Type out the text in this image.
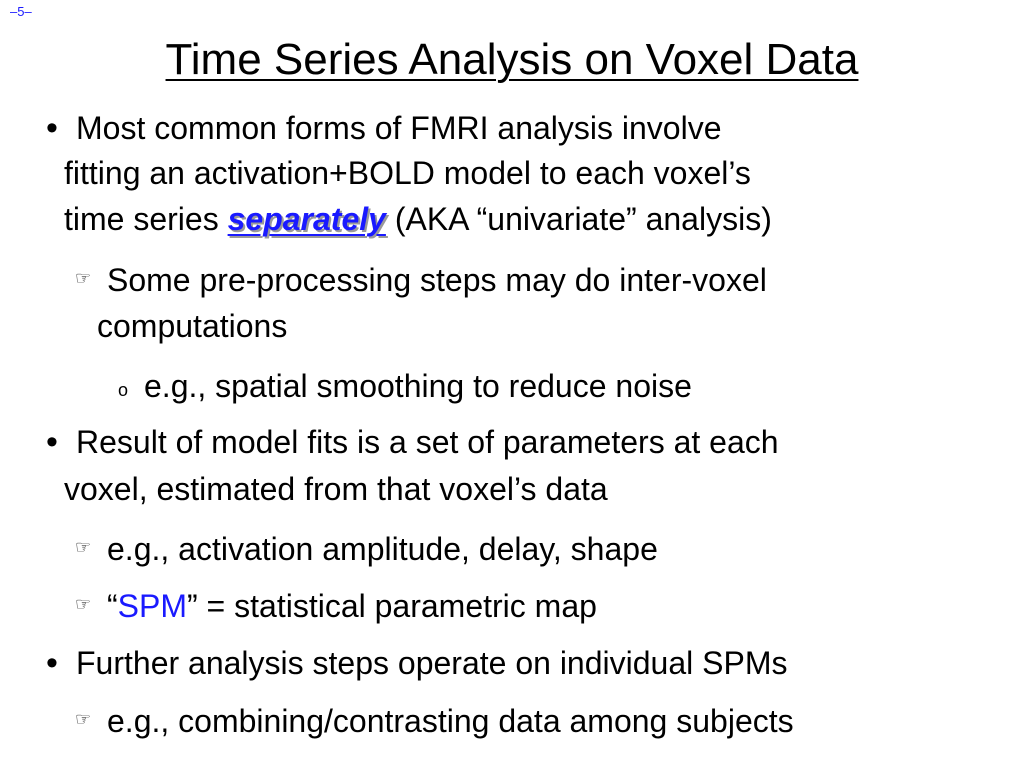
–5–
Time Series Analysis on Voxel Data
• Most common forms of FMRI analysis involve
fitting an activation+BOLD model to each voxel’s
time series separately (AKA “univariate” analysis)
☞ Some pre-processing steps may do inter-voxel
computations
o e.g., spatial smoothing to reduce noise
• Result of model fits is a set of parameters at each
voxel, estimated from that voxel’s data
☞ e.g., activation amplitude, delay, shape
☞ “SPM” = statistical parametric map
• Further analysis steps operate on individual SPMs
☞ e.g., combining/contrasting data among subjects
